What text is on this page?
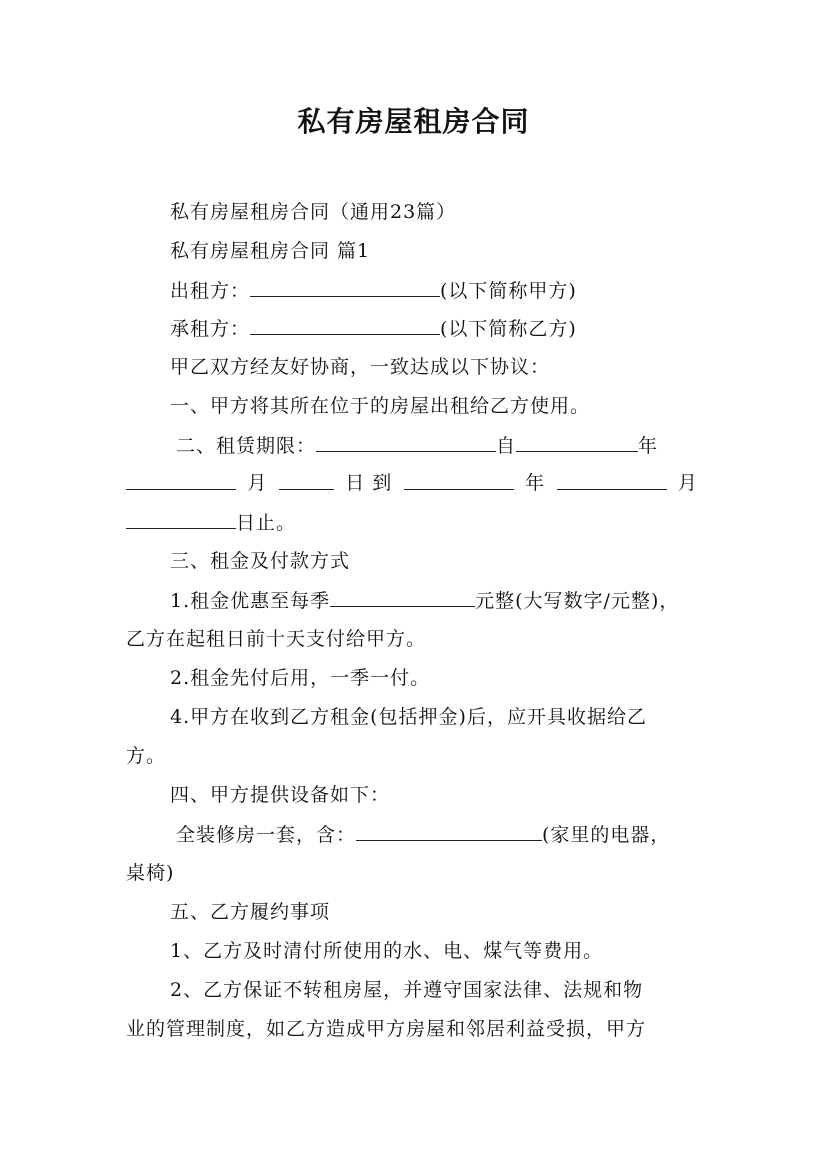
私有房屋租房合同
私有房屋租房合同（通用23篇）
私有房屋租房合同 篇1
出租方：	(以下简称甲方)
承租方：	(以下简称乙方)
甲乙双方经友好协商，一致达成以下协议：
一、甲方将其所在位于的房屋出租给乙方使用。
二、租赁期限：	自	年
月	日 到	年	月
日止。
三、租金及付款方式
1.租金优惠至每季	元整(大写数字/元整)，
乙方在起租日前十天支付给甲方。
2.租金先付后用，一季一付。
4.甲方在收到乙方租金(包括押金)后，应开具收据给乙
方。
四、甲方提供设备如下：
全装修房一套，含：	(家里的电器，
桌椅)
五、乙方履约事项
1、乙方及时清付所使用的水、电、煤气等费用。
2、乙方保证不转租房屋，并遵守国家法律、法规和物
业的管理制度，如乙方造成甲方房屋和邻居利益受损，甲方
